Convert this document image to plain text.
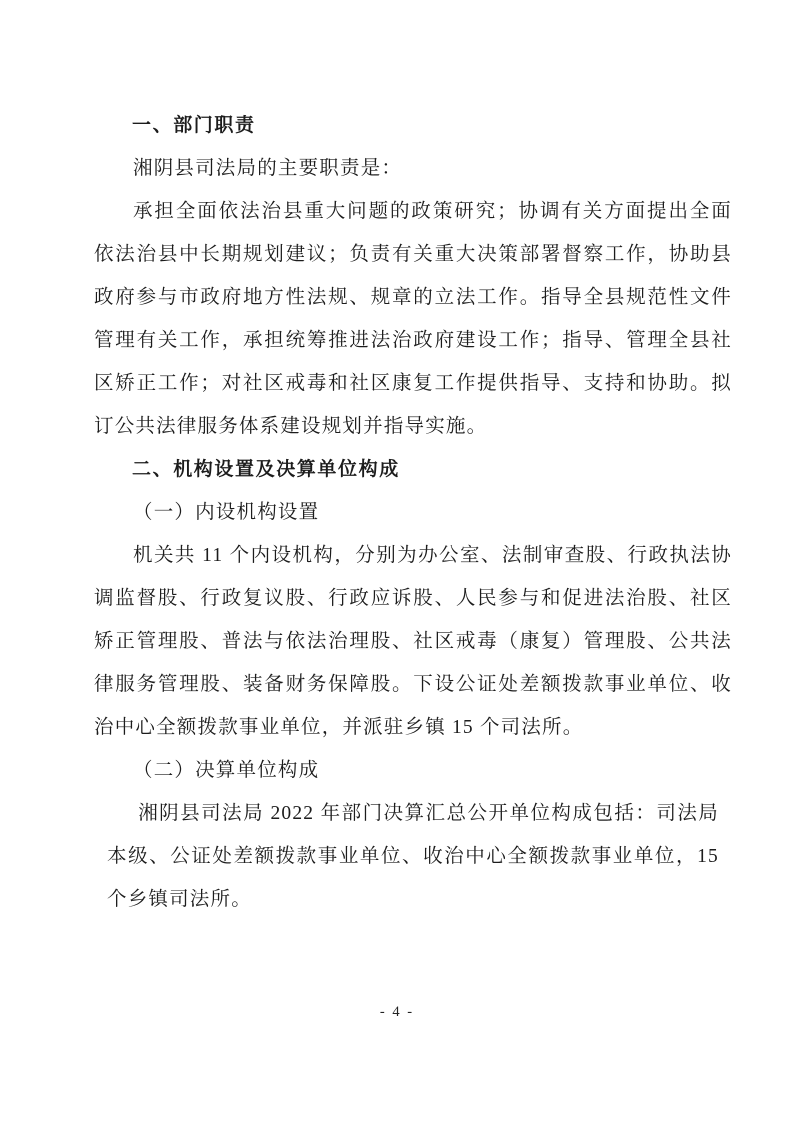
一、部门职责

湘阴县司法局的主要职责是：

承担全面依法治县重大问题的政策研究；协调有关方面提出全面依法治县中长期规划建议；负责有关重大决策部署督察工作，协助县政府参与市政府地方性法规、规章的立法工作。指导全县规范性文件管理有关工作，承担统筹推进法治政府建设工作；指导、管理全县社区矫正工作；对社区戒毒和社区康复工作提供指导、支持和协助。拟订公共法律服务体系建设规划并指导实施。

二、机构设置及决算单位构成

（一）内设机构设置

机关共 11 个内设机构，分别为办公室、法制审查股、行政执法协调监督股、行政复议股、行政应诉股、人民参与和促进法治股、社区矫正管理股、普法与依法治理股、社区戒毒（康复）管理股、公共法律服务管理股、装备财务保障股。下设公证处差额拨款事业单位、收治中心全额拨款事业单位，并派驻乡镇 15 个司法所。

（二）决算单位构成

湘阴县司法局 2022 年部门决算汇总公开单位构成包括：司法局本级、公证处差额拨款事业单位、收治中心全额拨款事业单位，15 个乡镇司法所。

- 4 -
